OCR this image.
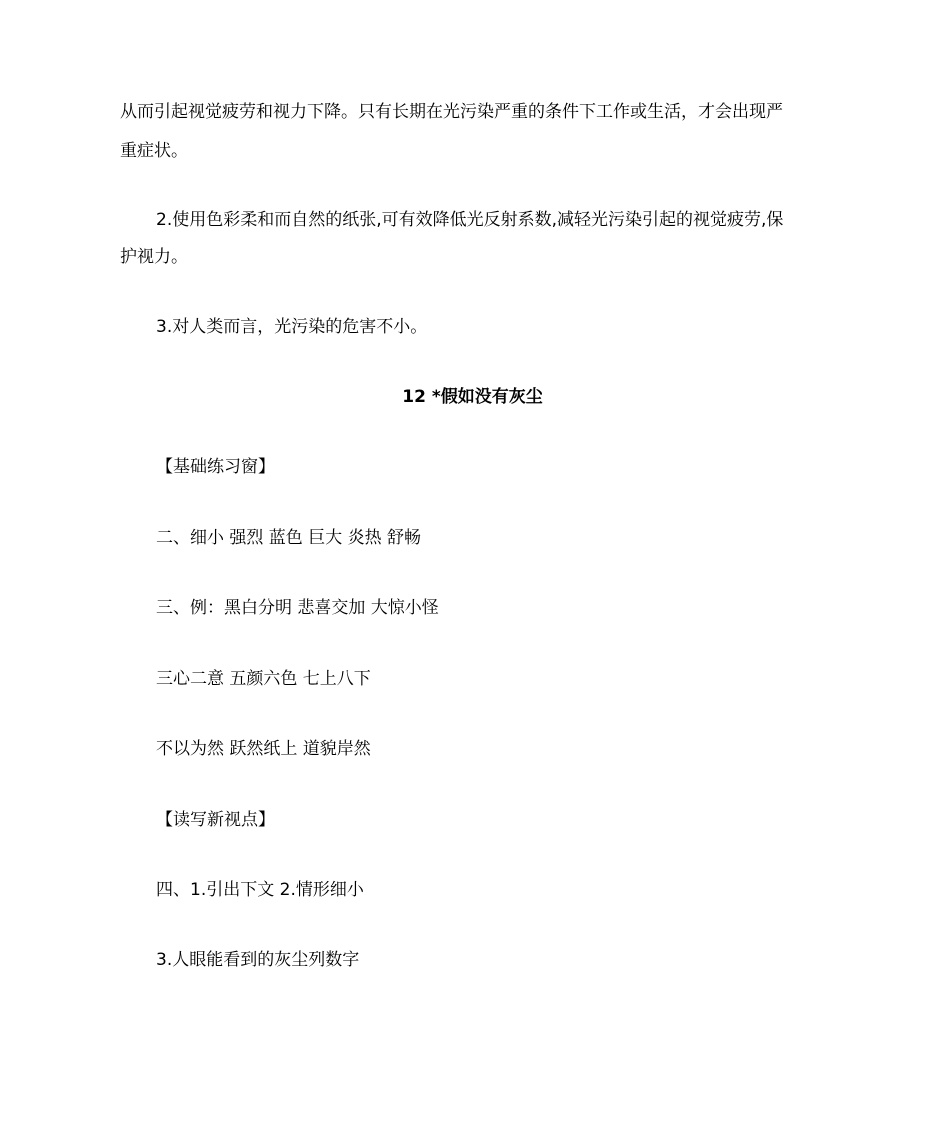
从而引起视觉疲劳和视力下降。只有长期在光污染严重的条件下工作或生活，才会出现严
重症状。
2.使用色彩柔和而自然的纸张,可有效降低光反射系数,减轻光污染引起的视觉疲劳,保
护视力。
3.对人类而言，光污染的危害不小。
12 *假如没有灰尘
【基础练习窗】
二、细小 强烈 蓝色 巨大 炎热 舒畅
三、例：黑白分明 悲喜交加 大惊小怪
三心二意 五颜六色 七上八下
不以为然 跃然纸上 道貌岸然
【读写新视点】
四、1.引出下文 2.情形细小
3.人眼能看到的灰尘列数字
